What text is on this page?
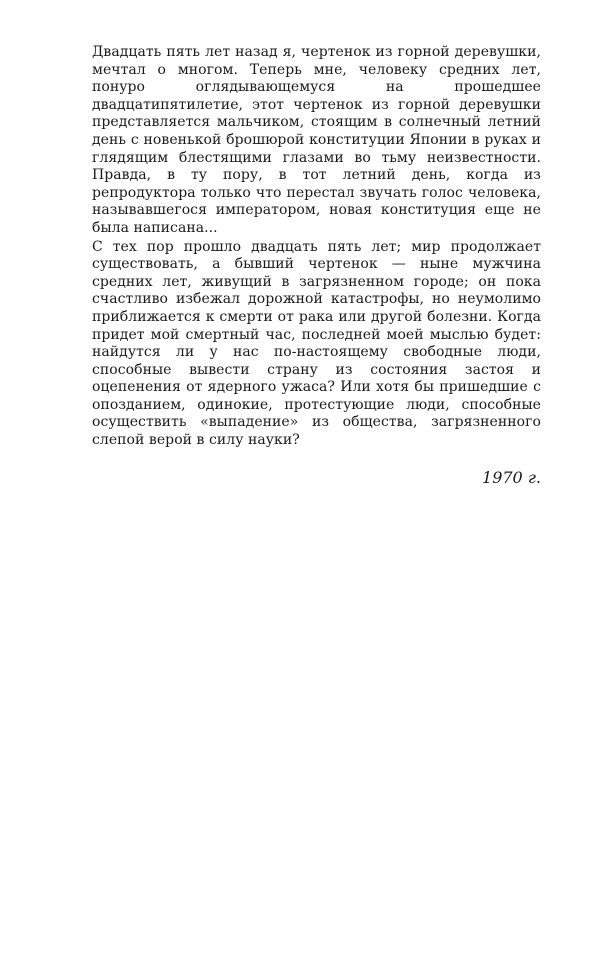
Двадцать пять лет назад я, чертенок из горной деревушки, мечтал о многом. Теперь мне, человеку средних лет, понуро оглядывающемуся на прошедшее двадцатипятилетие, этот чертенок из горной деревушки представляется мальчиком, стоящим в солнечный летний день с новенькой брошюрой конституции Японии в руках и глядящим блестящими глазами во тьму неизвестности. Правда, в ту пору, в тот летний день, когда из репродуктора только что перестал звучать голос человека, называвшегося императором, новая конституция еще не была написана...

С тех пор прошло двадцать пять лет; мир продолжает существовать, а бывший чертенок — ныне мужчина средних лет, живущий в загрязненном городе; он пока счастливо избежал дорожной катастрофы, но неумолимо приближается к смерти от рака или другой болезни. Когда придет мой смертный час, последней моей мыслью будет: найдутся ли у нас по-настоящему свободные люди, способные вывести страну из состояния застоя и оцепенения от ядерного ужаса? Или хотя бы пришедшие с опозданием, одинокие, протестующие люди, способные осуществить «выпадение» из общества, загрязненного слепой верой в силу науки?

1970 г.
